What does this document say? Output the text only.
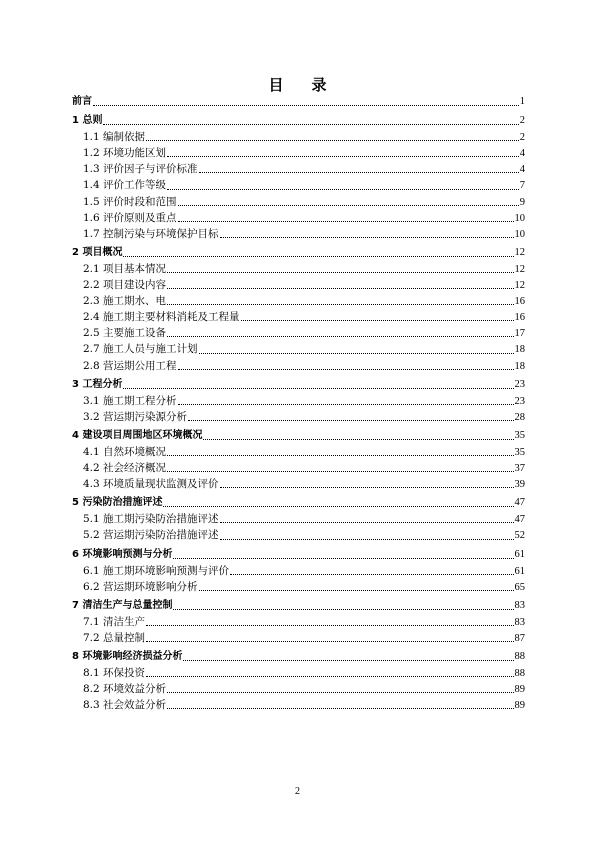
目 录
前言	1
1 总则	2
1.1 编制依据	2
1.2 环境功能区划	4
1.3 评价因子与评价标准	4
1.4 评价工作等级	7
1.5 评价时段和范围	9
1.6 评价原则及重点	10
1.7 控制污染与环境保护目标	10
2 项目概况	12
2.1 项目基本情况	12
2.2 项目建设内容	12
2.3 施工期水、电	16
2.4 施工期主要材料消耗及工程量	16
2.5 主要施工设备	17
2.7 施工人员与施工计划	18
2.8 营运期公用工程	18
3 工程分析	23
3.1 施工期工程分析	23
3.2 营运期污染源分析	28
4 建设项目周围地区环境概况	35
4.1 自然环境概况	35
4.2 社会经济概况	37
4.3 环境质量现状监测及评价	39
5 污染防治措施评述	47
5.1 施工期污染防治措施评述	47
5.2 营运期污染防治措施评述	52
6 环境影响预测与分析	61
6.1 施工期环境影响预测与评价	61
6.2 营运期环境影响分析	65
7 清洁生产与总量控制	83
7.1 清洁生产	83
7.2 总量控制	87
8 环境影响经济损益分析	88
8.1 环保投资	88
8.2 环境效益分析	89
8.3 社会效益分析	89
2
